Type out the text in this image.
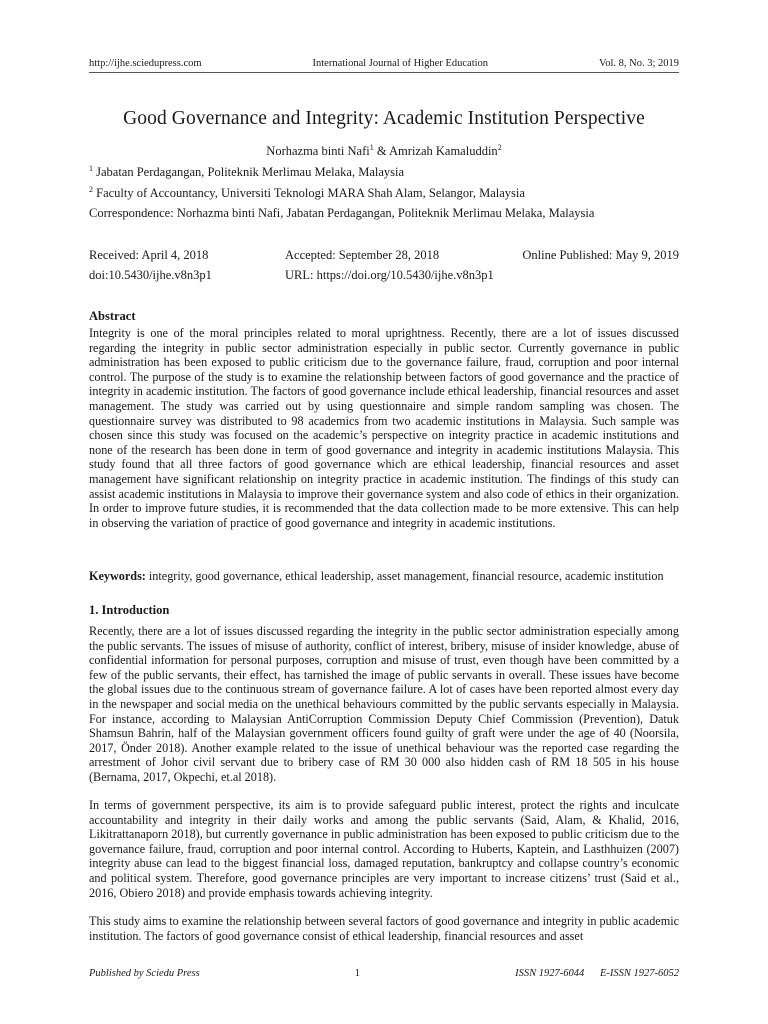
http://ijhe.sciedupress.com	International Journal of Higher Education	Vol. 8, No. 3; 2019
Good Governance and Integrity: Academic Institution Perspective
Norhazma binti Nafi$^1$ & Amrizah Kamaluddin$^2$
$^1$ Jabatan Perdagangan, Politeknik Merlimau Melaka, Malaysia
$^2$ Faculty of Accountancy, Universiti Teknologi MARA Shah Alam, Selangor, Malaysia
Correspondence: Norhazma binti Nafi, Jabatan Perdagangan, Politeknik Merlimau Melaka, Malaysia
Received: April 4, 2018	Accepted: September 28, 2018	Online Published: May 9, 2019
doi:10.5430/ijhe.v8n3p1	URL: https://doi.org/10.5430/ijhe.v8n3p1
Abstract
Integrity is one of the moral principles related to moral uprightness. Recently, there are a lot of issues discussed regarding the integrity in public sector administration especially in public sector. Currently governance in public administration has been exposed to public criticism due to the governance failure, fraud, corruption and poor internal control. The purpose of the study is to examine the relationship between factors of good governance and the practice of integrity in academic institution. The factors of good governance include ethical leadership, financial resources and asset management. The study was carried out by using questionnaire and simple random sampling was chosen. The questionnaire survey was distributed to 98 academics from two academic institutions in Malaysia. Such sample was chosen since this study was focused on the academic’s perspective on integrity practice in academic institutions and none of the research has been done in term of good governance and integrity in academic institutions Malaysia. This study found that all three factors of good governance which are ethical leadership, financial resources and asset management have significant relationship on integrity practice in academic institution. The findings of this study can assist academic institutions in Malaysia to improve their governance system and also code of ethics in their organization. In order to improve future studies, it is recommended that the data collection made to be more extensive. This can help in observing the variation of practice of good governance and integrity in academic institutions.
Keywords: integrity, good governance, ethical leadership, asset management, financial resource, academic institution
1. Introduction
Recently, there are a lot of issues discussed regarding the integrity in the public sector administration especially among the public servants. The issues of misuse of authority, conflict of interest, bribery, misuse of insider knowledge, abuse of confidential information for personal purposes, corruption and misuse of trust, even though have been committed by a few of the public servants, their effect, has tarnished the image of public servants in overall. These issues have become the global issues due to the continuous stream of governance failure. A lot of cases have been reported almost every day in the newspaper and social media on the unethical behaviours committed by the public servants especially in Malaysia. For instance, according to Malaysian AntiCorruption Commission Deputy Chief Commission (Prevention), Datuk Shamsun Bahrin, half of the Malaysian government officers found guilty of graft were under the age of 40 (Noorsila, 2017, Önder 2018). Another example related to the issue of unethical behaviour was the reported case regarding the arrestment of Johor civil servant due to bribery case of RM 30 000 also hidden cash of RM 18 505 in his house (Bernama, 2017, Okpechi, et.al 2018).
In terms of government perspective, its aim is to provide safeguard public interest, protect the rights and inculcate accountability and integrity in their daily works and among the public servants (Said, Alam, & Khalid, 2016, Likitrattanaporn 2018), but currently governance in public administration has been exposed to public criticism due to the governance failure, fraud, corruption and poor internal control. According to Huberts, Kaptein, and Lasthhuizen (2007) integrity abuse can lead to the biggest financial loss, damaged reputation, bankruptcy and collapse country’s economic and political system. Therefore, good governance principles are very important to increase citizens’ trust (Said et al., 2016, Obiero 2018) and provide emphasis towards achieving integrity.
This study aims to examine the relationship between several factors of good governance and integrity in public academic institution. The factors of good governance consist of ethical leadership, financial resources and asset
Published by Sciedu Press	1	ISSN 1927-6044      E-ISSN 1927-6052
